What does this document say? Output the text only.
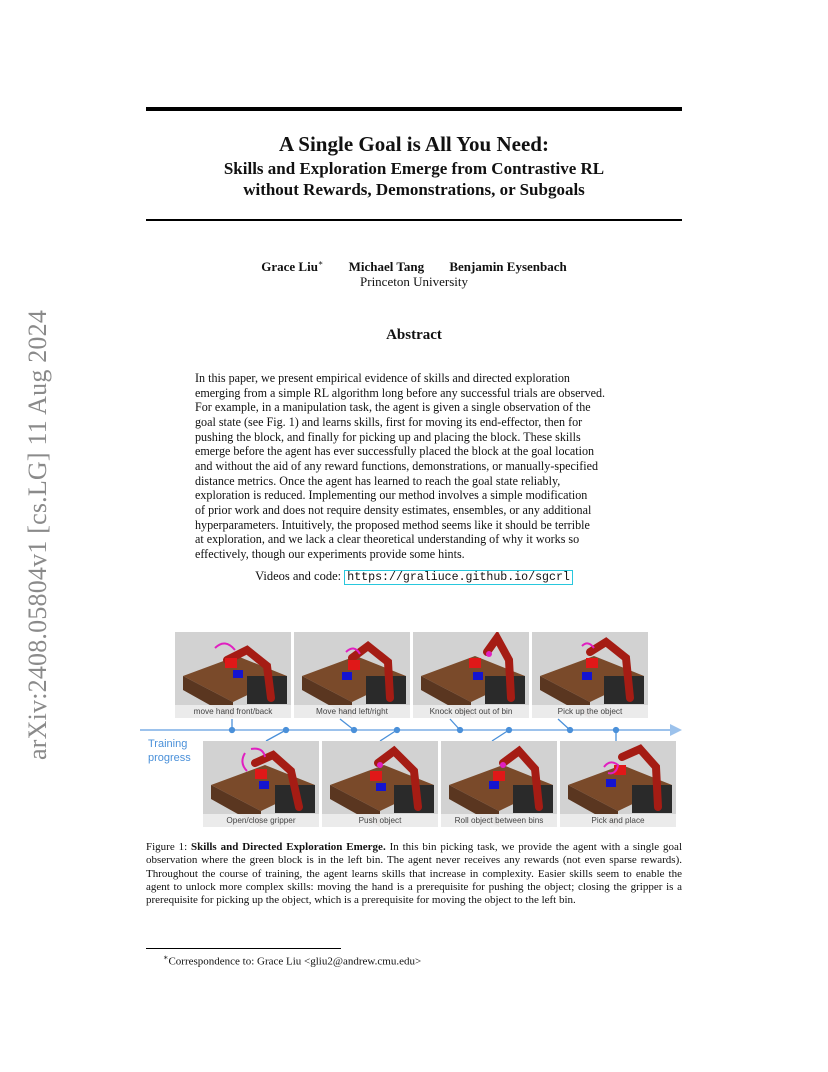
arXiv:2408.05804v1 [cs.LG] 11 Aug 2024
A Single Goal is All You Need:
Skills and Exploration Emerge from Contrastive RL
without Rewards, Demonstrations, or Subgoals
Grace Liu∗ Michael Tang Benjamin Eysenbach
Princeton University
Abstract
In this paper, we present empirical evidence of skills and directed exploration
emerging from a simple RL algorithm long before any successful trials are observed.
For example, in a manipulation task, the agent is given a single observation of the
goal state (see Fig. 1) and learns skills, first for moving its end-effector, then for
pushing the block, and finally for picking up and placing the block. These skills
emerge before the agent has ever successfully placed the block at the goal location
and without the aid of any reward functions, demonstrations, or manually-specified
distance metrics. Once the agent has learned to reach the goal state reliably,
exploration is reduced. Implementing our method involves a simple modification
of prior work and does not require density estimates, ensembles, or any additional
hyperparameters. Intuitively, the proposed method seems like it should be terrible
at exploration, and we lack a clear theoretical understanding of why it works so
effectively, though our experiments provide some hints.
Videos and code: https://graliuce.github.io/sgcrl
move hand front/back	Move hand left/right	Knock object out of bin	Pick up the object
Training
progress
Open/close gripper	Push object	Roll object between bins	Pick and place
Figure 1: Skills and Directed Exploration Emerge. In this bin picking task, we provide the agent with a single goal observation where the green block is in the left bin. The agent never receives any rewards (not even sparse rewards). Throughout the course of training, the agent learns skills that increase in complexity. Easier skills seem to enable the agent to unlock more complex skills: moving the hand is a prerequisite for pushing the object; closing the gripper is a prerequisite for picking up the object, which is a prerequisite for moving the object to the left bin.
∗Correspondence to: Grace Liu <gliu2@andrew.cmu.edu>
